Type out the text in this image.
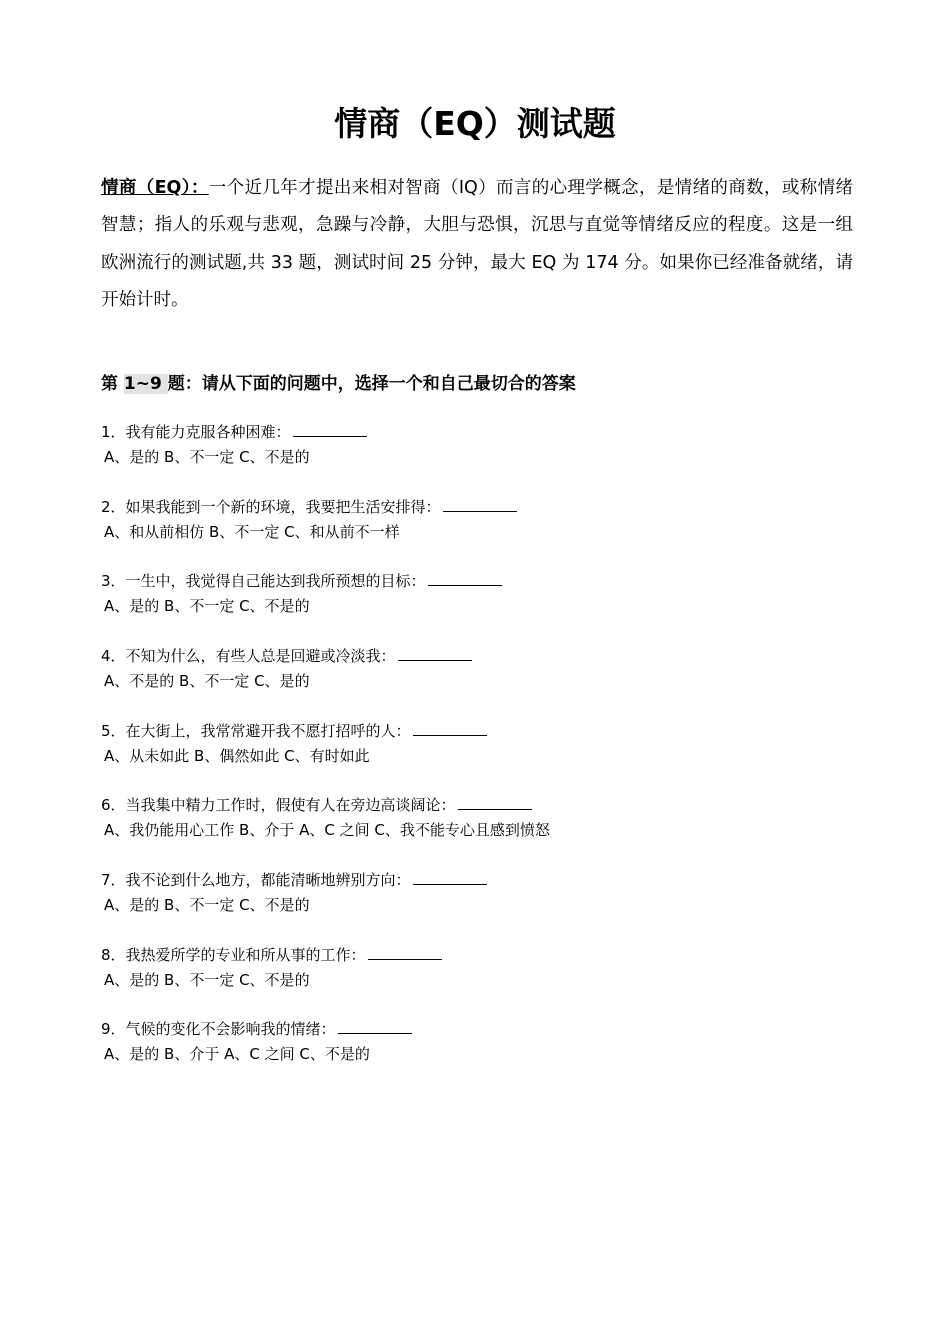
情商（EQ）测试题
情商（EQ）：一个近几年才提出来相对智商（IQ）而言的心理学概念，是情绪的商数，或称情绪智慧；指人的乐观与悲观，急躁与冷静，大胆与恐惧，沉思与直觉等情绪反应的程度。这是一组欧洲流行的测试题,共 33 题，测试时间 25 分钟，最大 EQ 为 174 分。如果你已经准备就绪，请开始计时。
第 1~9 题：请从下面的问题中，选择一个和自己最切合的答案
1．我有能力克服各种困难：
A、是的 B、不一定 C、不是的
2．如果我能到一个新的环境，我要把生活安排得：
A、和从前相仿 B、不一定 C、和从前不一样
3．一生中，我觉得自己能达到我所预想的目标：
A、是的 B、不一定 C、不是的
4．不知为什么，有些人总是回避或冷淡我：
A、不是的 B、不一定 C、是的
5．在大街上，我常常避开我不愿打招呼的人：
A、从未如此 B、偶然如此 C、有时如此
6．当我集中精力工作时，假使有人在旁边高谈阔论：
A、我仍能用心工作 B、介于 A、C 之间 C、我不能专心且感到愤怒
7．我不论到什么地方，都能清晰地辨别方向：
A、是的 B、不一定 C、不是的
8．我热爱所学的专业和所从事的工作：
A、是的 B、不一定 C、不是的
9．气候的变化不会影响我的情绪：
A、是的 B、介于 A、C 之间 C、不是的
